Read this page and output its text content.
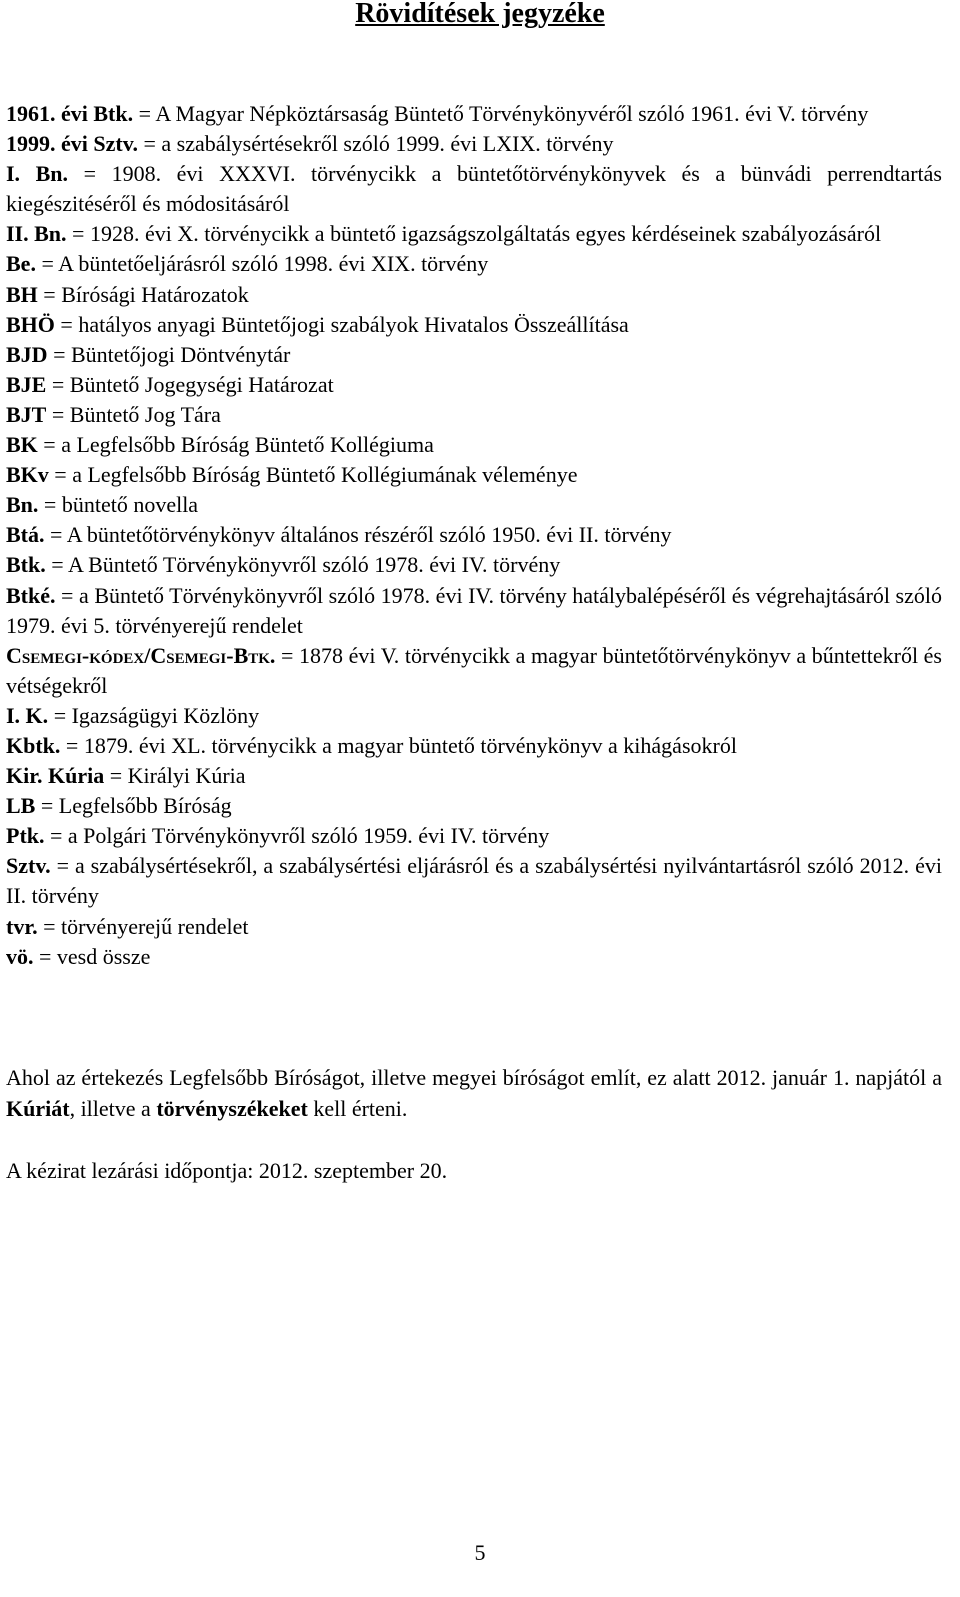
Rövidítések jegyzéke
1961. évi Btk. = A Magyar Népköztársaság Büntető Törvénykönyvéről szóló 1961. évi V. törvény
1999. évi Sztv. = a szabálysértésekről szóló 1999. évi LXIX. törvény
I. Bn. = 1908. évi XXXVI. törvénycikk a büntetőtörvénykönyvek és a bünvádi perrendtartás kiegészitéséről és módositásáról
II. Bn. = 1928. évi X. törvénycikk a büntető igazságszolgáltatás egyes kérdéseinek szabályozásáról
Be. = A büntetőeljárásról szóló 1998. évi XIX. törvény
BH = Bírósági Határozatok
BHÖ = hatályos anyagi Büntetőjogi szabályok Hivatalos Összeállítása
BJD = Büntetőjogi Döntvénytár
BJE = Büntető Jogegységi Határozat
BJT = Büntető Jog Tára
BK = a Legfelsőbb Bíróság Büntető Kollégiuma
BKv = a Legfelsőbb Bíróság Büntető Kollégiumának véleménye
Bn. = büntető novella
Btá. = A büntetőtörvénykönyv általános részéről szóló 1950. évi II. törvény
Btk. = A Büntető Törvénykönyvről szóló 1978. évi IV. törvény
Btké. = a Büntető Törvénykönyvről szóló 1978. évi IV. törvény hatálybalépéséről és végrehajtásáról szóló 1979. évi 5. törvényerejű rendelet
Csemegi-kódex/Csemegi-Btk. = 1878 évi V. törvénycikk a magyar büntetőtörvénykönyv a bűntettekről és vétségekről
I. K. = Igazságügyi Közlöny
Kbtk. = 1879. évi XL. törvénycikk a magyar büntető törvénykönyv a kihágásokról
Kir. Kúria = Királyi Kúria
LB = Legfelsőbb Bíróság
Ptk. = a Polgári Törvénykönyvről szóló 1959. évi IV. törvény
Sztv. = a szabálysértésekről, a szabálysértési eljárásról és a szabálysértési nyilvántartásról szóló 2012. évi II. törvény
tvr. = törvényerejű rendelet
vö. = vesd össze
Ahol az értekezés Legfelsőbb Bíróságot, illetve megyei bíróságot említ, ez alatt 2012. január 1. napjától a Kúriát, illetve a törvényszékeket kell érteni.
A kézirat lezárási időpontja: 2012. szeptember 20.
5
